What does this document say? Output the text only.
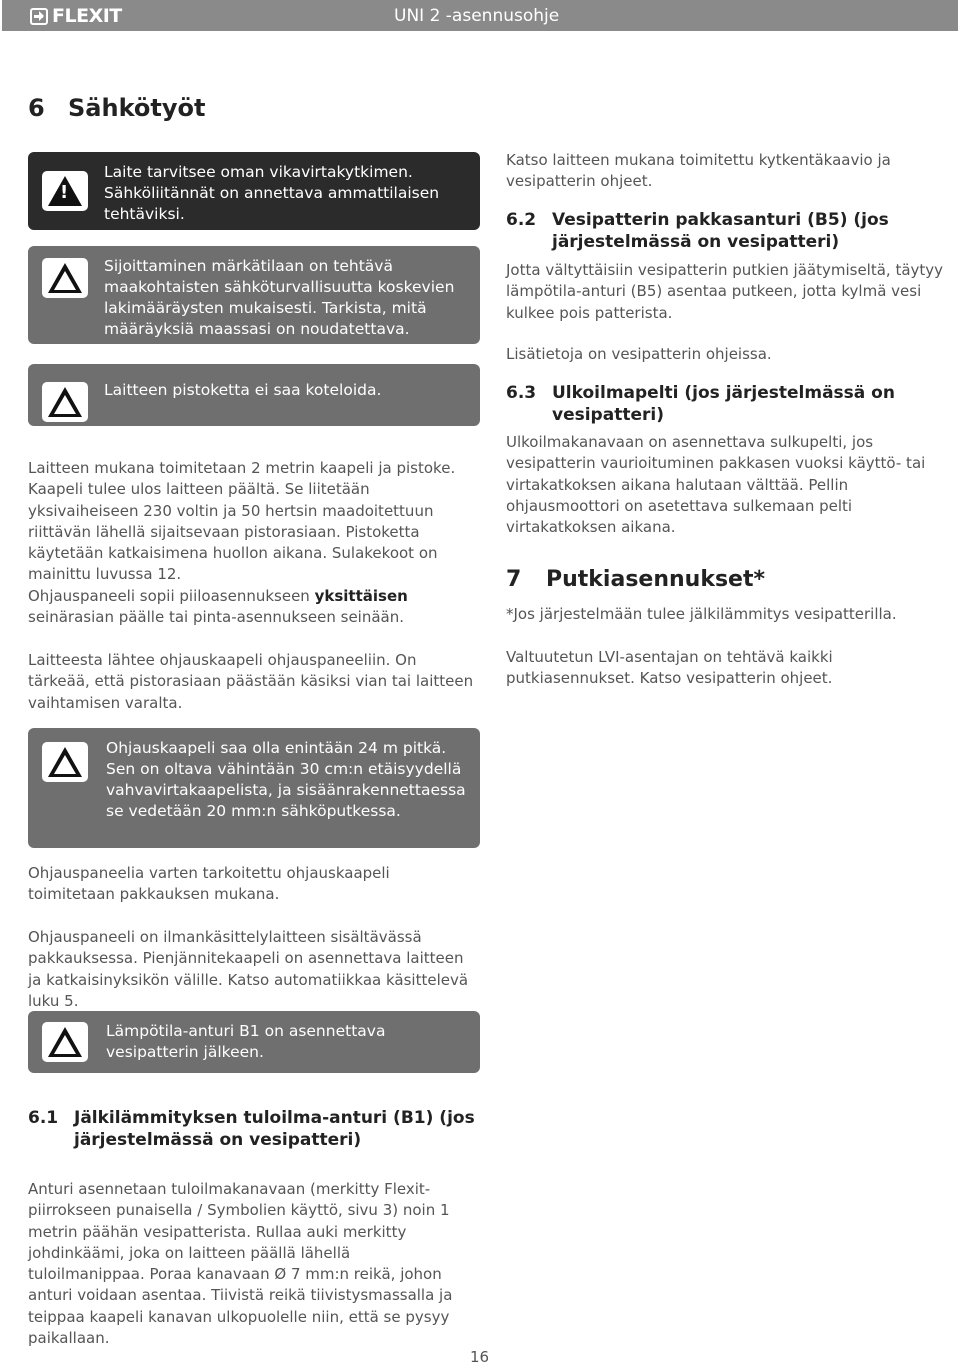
FLEXIT	UNI 2 -asennusohje
6 Sähkötyöt
!
Laite tarvitsee oman vikavirtakytkimen. Sähköliitännät on annettava ammattilaisen tehtäviksi.
Sijoittaminen märkätilaan on tehtävä maakohtaisten sähköturvallisuutta koskevien lakimääräysten mukaisesti. Tarkista, mitä määräyksiä maassasi on noudatettava.
Laitteen pistoketta ei saa koteloida.
Laitteen mukana toimitetaan 2 metrin kaapeli ja pistoke. Kaapeli tulee ulos laitteen päältä. Se liitetään yksivaiheiseen 230 voltin ja 50 hertsin maadoitettuun riittävän lähellä sijaitsevaan pistorasiaan. Pistoketta käytetään katkaisimena huollon aikana. Sulakekoot on mainittu luvussa 12.
Ohjauspaneeli sopii piiloasennukseen yksittäisen seinärasian päälle tai pinta-asennukseen seinään.
Laitteesta lähtee ohjauskaapeli ohjauspaneeliin. On tärkeää, että pistorasiaan päästään käsiksi vian tai laitteen vaihtamisen varalta.
Ohjauskaapeli saa olla enintään 24 m pitkä. Sen on oltava vähintään 30 cm:n etäisyydellä vahvavirtakaapelista, ja sisäänrakennettaessa se vedetään 20 mm:n sähköputkessa.
Ohjauspaneelia varten tarkoitettu ohjauskaapeli toimitetaan pakkauksen mukana.
Ohjauspaneeli on ilmankäsittelylaitteen sisältävässä pakkauksessa. Pienjännitekaapeli on asennettava laitteen ja katkaisinyksikön välille. Katso automatiikkaa käsittelevä luku 5.
Lämpötila-anturi B1 on asennettava vesipatterin jälkeen.
6.1 Jälkilämmityksen tuloilma-anturi (B1) (jos järjestelmässä on vesipatteri)
Anturi asennetaan tuloilmakanavaan (merkitty Flexit-piirrokseen punaisella / Symbolien käyttö, sivu 3) noin 1 metrin päähän vesipatterista. Rullaa auki merkitty johdinkäämi, joka on laitteen päällä lähellä tuloilmanippaa. Poraa kanavaan Ø 7 mm:n reikä, johon anturi voidaan asentaa. Tiivistä reikä tiivistysmassalla ja teippaa kaapeli kanavan ulkopuolelle niin, että se pysyy paikallaan.
Katso laitteen mukana toimitettu kytkentäkaavio ja vesipatterin ohjeet.
6.2 Vesipatterin pakkasanturi (B5) (jos järjestelmässä on vesipatteri)
Jotta vältyttäisiin vesipatterin putkien jäätymiseltä, täytyy lämpötila-anturi (B5) asentaa putkeen, jotta kylmä vesi kulkee pois patterista.
Lisätietoja on vesipatterin ohjeissa.
6.3 Ulkoilmapelti (jos järjestelmässä on vesipatteri)
Ulkoilmakanavaan on asennettava sulkupelti, jos vesipatterin vaurioituminen pakkasen vuoksi käyttö- tai virtakatkoksen aikana halutaan välttää. Pellin ohjausmoottori on asetettava sulkemaan pelti virtakatkoksen aikana.
7	Putkiasennukset*
*Jos järjestelmään tulee jälkilämmitys vesipatterilla.
Valtuutetun LVI-asentajan on tehtävä kaikki putkiasennukset. Katso vesipatterin ohjeet.
16
